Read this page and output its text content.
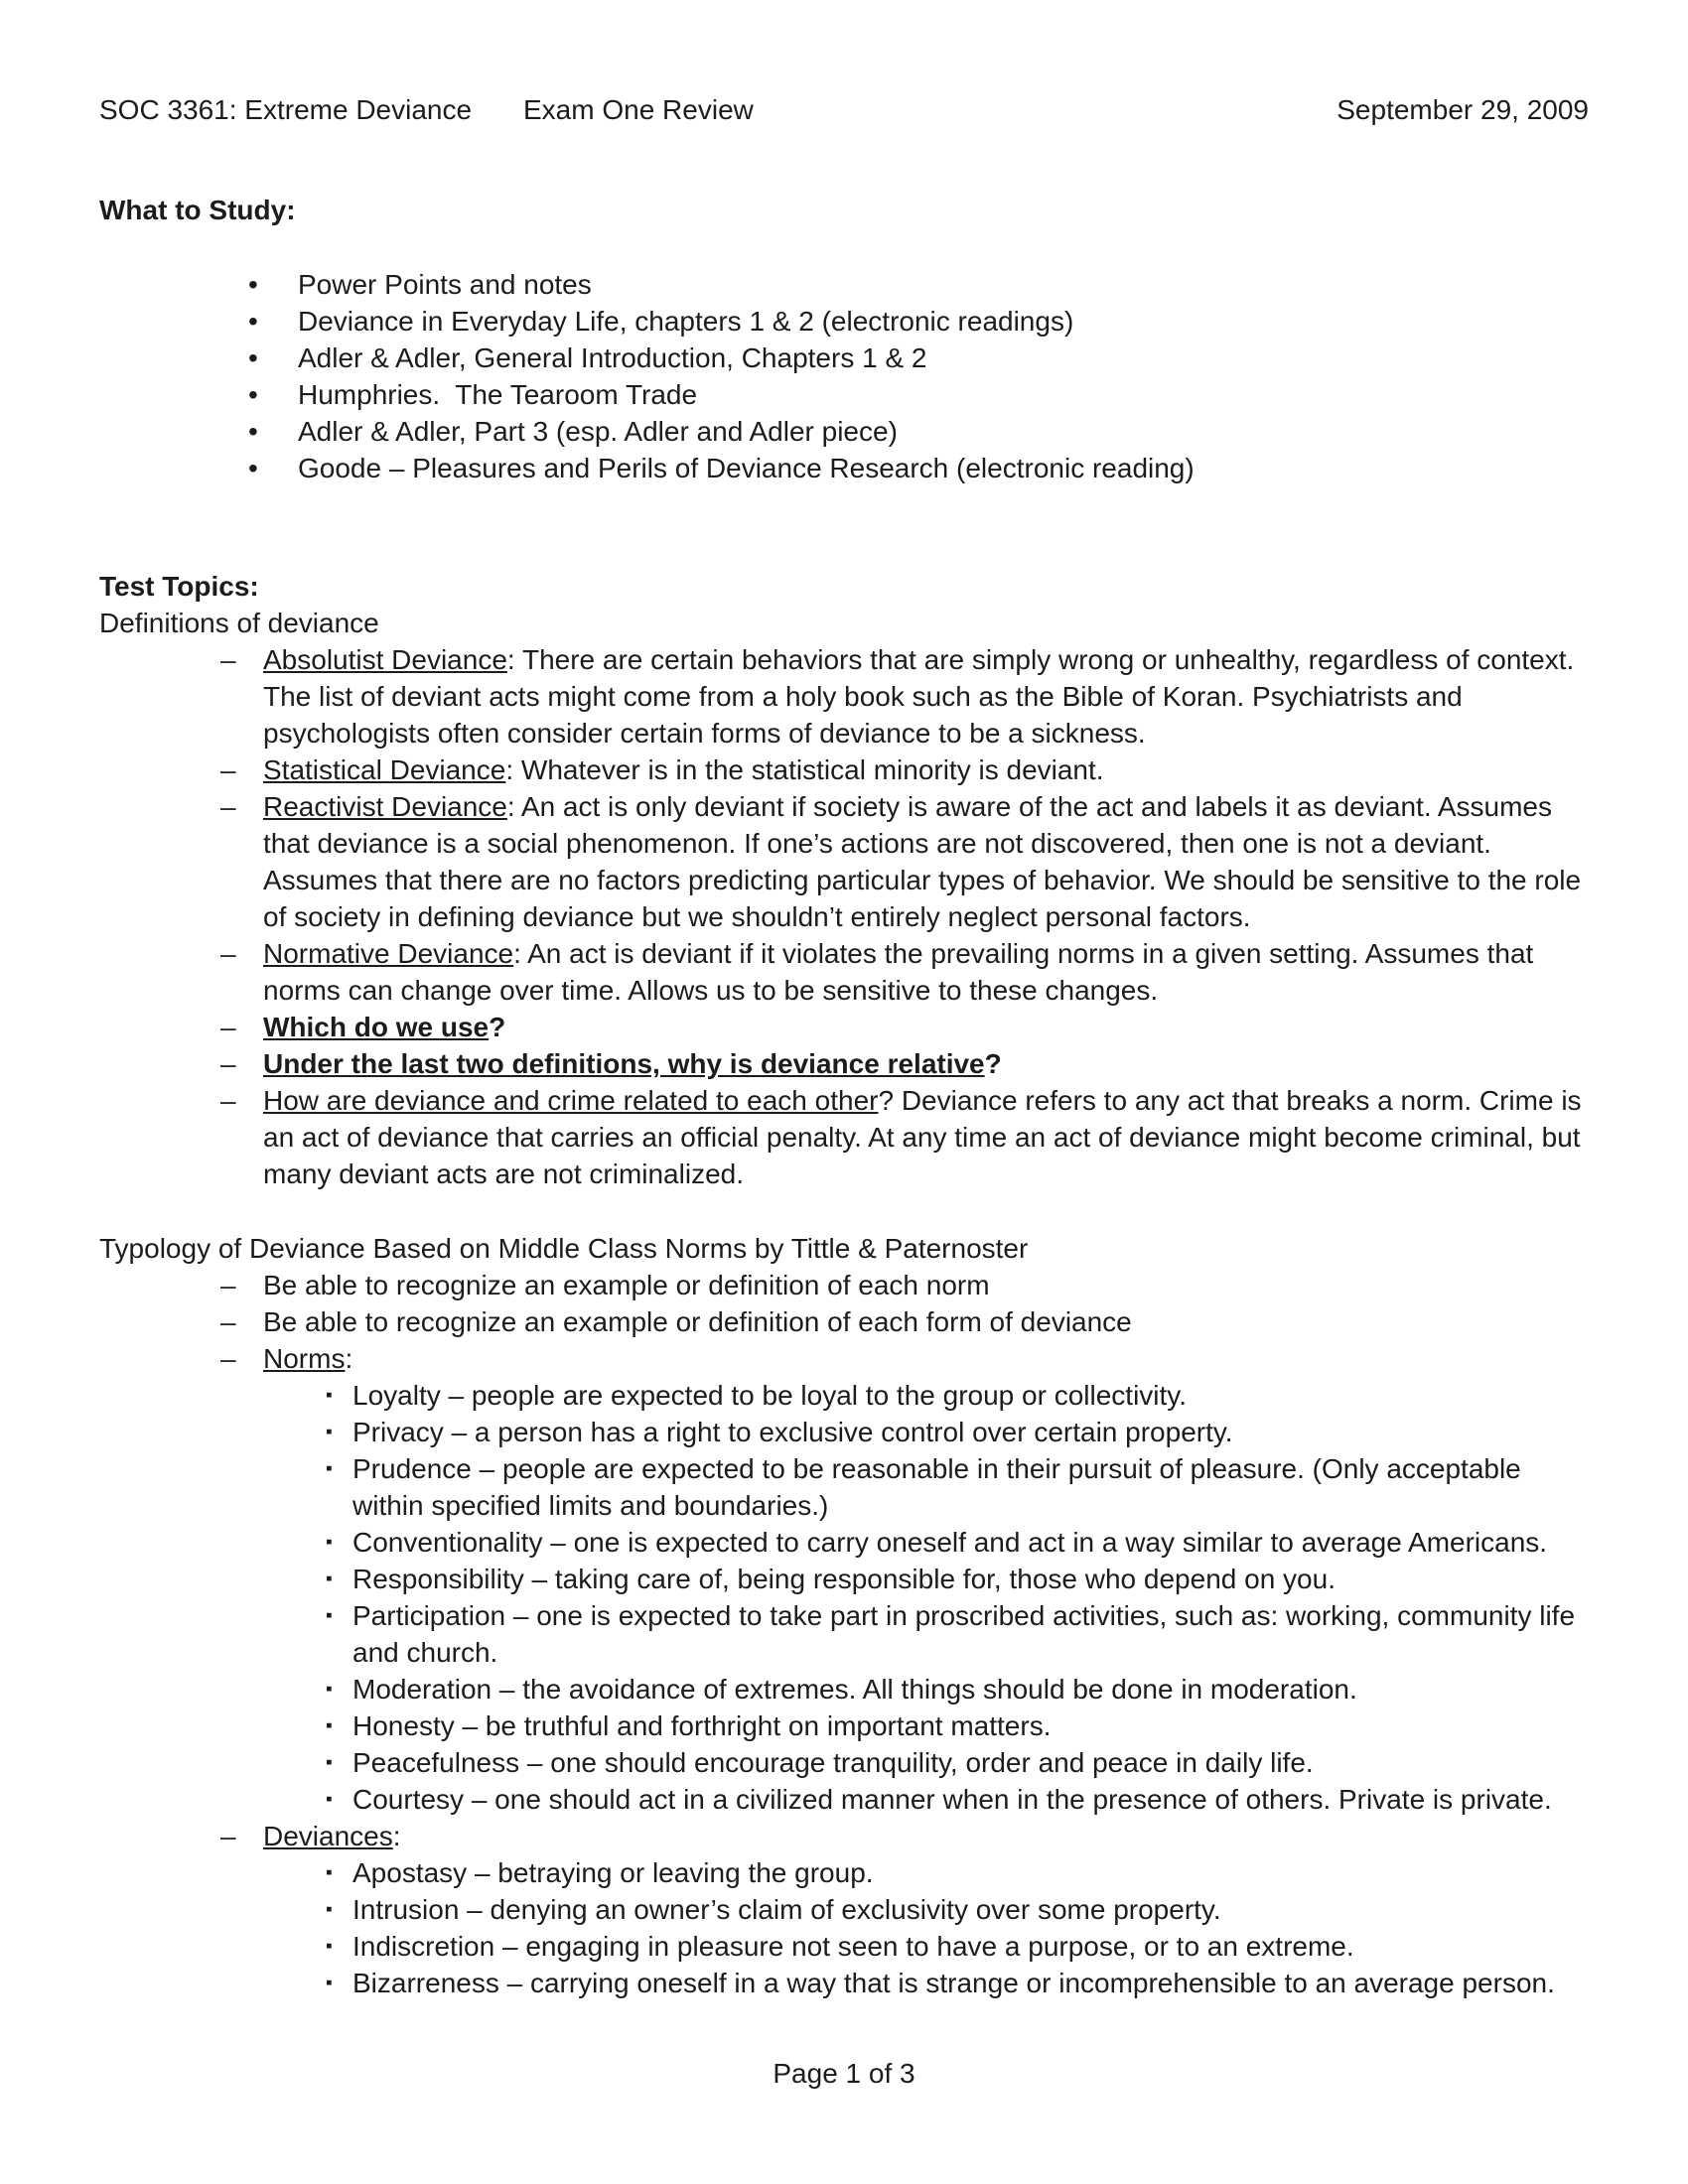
SOC 3361: Extreme Deviance Exam One Review	September 29, 2009
What to Study:
•	Power Points and notes
•	Deviance in Everyday Life, chapters 1 & 2 (electronic readings)
•	Adler & Adler, General Introduction, Chapters 1 & 2
•	Humphries.  The Tearoom Trade
•	Adler & Adler, Part 3 (esp. Adler and Adler piece)
•	Goode – Pleasures and Perils of Deviance Research (electronic reading)
Test Topics:
Definitions of deviance
– Absolutist Deviance: There are certain behaviors that are simply wrong or unhealthy, regardless of context. The list of deviant acts might come from a holy book such as the Bible of Koran. Psychiatrists and psychologists often consider certain forms of deviance to be a sickness.
– Statistical Deviance: Whatever is in the statistical minority is deviant.
– Reactivist Deviance: An act is only deviant if society is aware of the act and labels it as deviant. Assumes that deviance is a social phenomenon. If one’s actions are not discovered, then one is not a deviant. Assumes that there are no factors predicting particular types of behavior. We should be sensitive to the role of society in defining deviance but we shouldn’t entirely neglect personal factors.
– Normative Deviance: An act is deviant if it violates the prevailing norms in a given setting. Assumes that norms can change over time. Allows us to be sensitive to these changes.
– Which do we use?
– Under the last two definitions, why is deviance relative?
– How are deviance and crime related to each other? Deviance refers to any act that breaks a norm. Crime is an act of deviance that carries an official penalty. At any time an act of deviance might become criminal, but many deviant acts are not criminalized.
Typology of Deviance Based on Middle Class Norms by Tittle & Paternoster
– Be able to recognize an example or definition of each norm
– Be able to recognize an example or definition of each form of deviance
– Norms:
▪ Loyalty – people are expected to be loyal to the group or collectivity.
▪ Privacy – a person has a right to exclusive control over certain property.
▪ Prudence – people are expected to be reasonable in their pursuit of pleasure. (Only acceptable within specified limits and boundaries.)
▪ Conventionality – one is expected to carry oneself and act in a way similar to average Americans.
▪ Responsibility – taking care of, being responsible for, those who depend on you.
▪ Participation – one is expected to take part in proscribed activities, such as: working, community life and church.
▪ Moderation – the avoidance of extremes. All things should be done in moderation.
▪ Honesty – be truthful and forthright on important matters.
▪ Peacefulness – one should encourage tranquility, order and peace in daily life.
▪ Courtesy – one should act in a civilized manner when in the presence of others. Private is private.
– Deviances:
▪ Apostasy – betraying or leaving the group.
▪ Intrusion – denying an owner’s claim of exclusivity over some property.
▪ Indiscretion – engaging in pleasure not seen to have a purpose, or to an extreme.
▪ Bizarreness – carrying oneself in a way that is strange or incomprehensible to an average person.
Page 1 of 3
